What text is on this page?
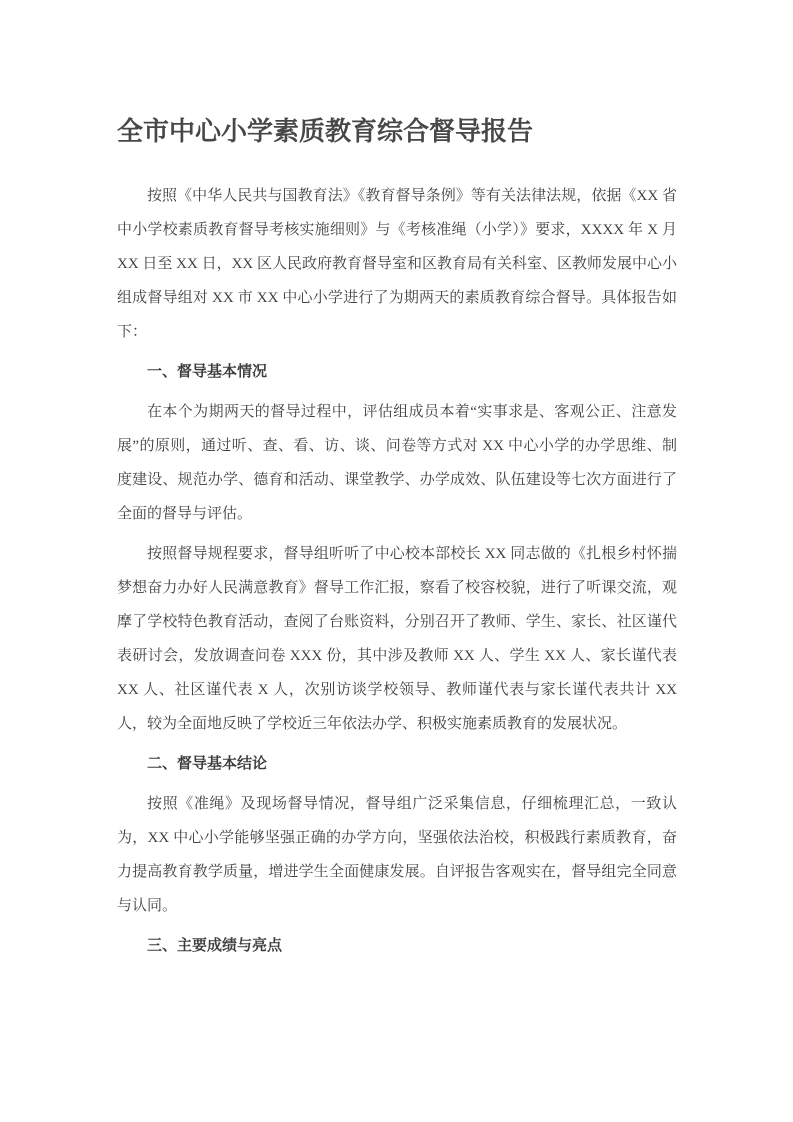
全市中心小学素质教育综合督导报告

按照《中华人民共与国教育法》《教育督导条例》等有关法律法规，依据《XX 省中小学校素质教育督导考核实施细则》与《考核准绳（小学）》要求，XXXX 年 X 月 XX 日至 XX 日，XX 区人民政府教育督导室和区教育局有关科室、区教师发展中心小组成督导组对 XX 市 XX 中心小学进行了为期两天的素质教育综合督导。具体报告如下：

一、督导基本情况

在本个为期两天的督导过程中，评估组成员本着“实事求是、客观公正、注意发展”的原则，通过听、查、看、访、谈、问卷等方式对 XX 中心小学的办学思维、制度建设、规范办学、德育和活动、课堂教学、办学成效、队伍建设等七次方面进行了全面的督导与评估。

按照督导规程要求，督导组听听了中心校本部校长 XX 同志做的《扎根乡村怀揣梦想奋力办好人民满意教育》督导工作汇报，察看了校容校貌，进行了听课交流，观摩了学校特色教育活动，查阅了台账资料，分别召开了教师、学生、家长、社区谨代表研讨会，发放调查问卷 XXX 份，其中涉及教师 XX 人、学生 XX 人、家长谨代表 XX 人、社区谨代表 X 人，次别访谈学校领导、教师谨代表与家长谨代表共计 XX 人，较为全面地反映了学校近三年依法办学、积极实施素质教育的发展状况。

二、督导基本结论

按照《准绳》及现场督导情况，督导组广泛采集信息，仔细梳理汇总，一致认为，XX 中心小学能够坚强正确的办学方向，坚强依法治校，积极践行素质教育，奋力提高教育教学质量，增进学生全面健康发展。自评报告客观实在，督导组完全同意与认同。

三、主要成绩与亮点
